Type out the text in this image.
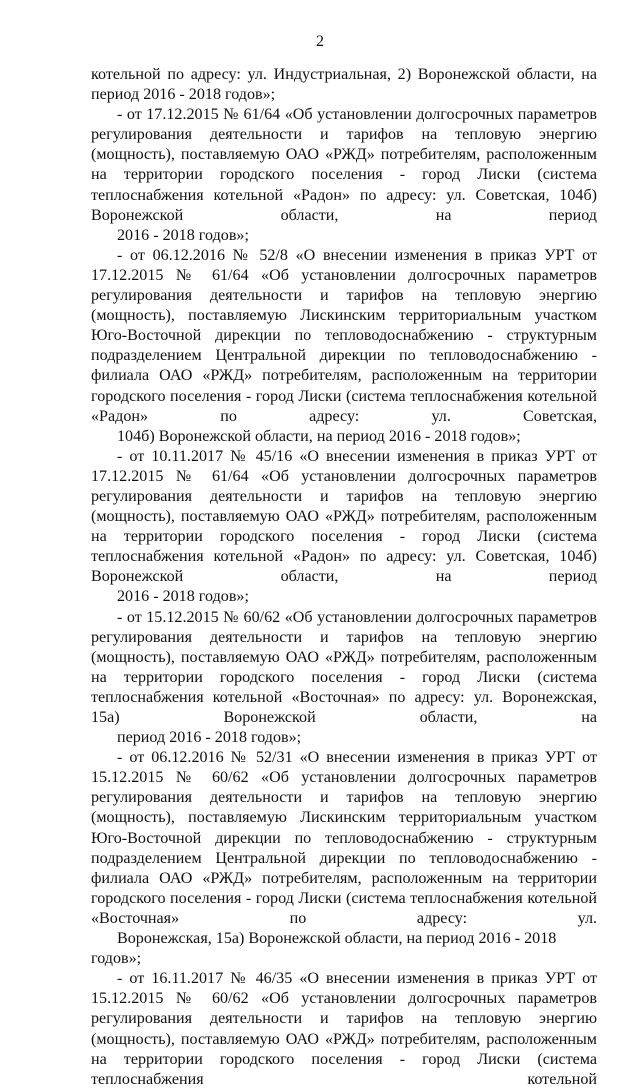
2

котельной по адресу: ул. Индустриальная, 2) Воронежской области, на
период 2016 - 2018 годов»;

- от 17.12.2015 № 61/64 «Об установлении долгосрочных параметров регулирования деятельности и тарифов на тепловую энергию (мощность), поставляемую ОАО «РЖД» потребителям, расположенным на территории городского поселения - город Лиски (система теплоснабжения котельной «Радон» по адресу: ул. Советская, 104б) Воронежской области, на период
2016 - 2018 годов»;

- от 06.12.2016 № 52/8 «О внесении изменения в приказ УРТ от 17.12.2015 № 61/64 «Об установлении долгосрочных параметров регулирования деятельности и тарифов на тепловую энергию (мощность), поставляемую Лискинским территориальным участком Юго-Восточной дирекции по тепловодоснабжению - структурным подразделением Центральной дирекции по тепловодоснабжению - филиала ОАО «РЖД» потребителям, расположенным на территории городского поселения - город Лиски (система теплоснабжения котельной «Радон» по адресу: ул. Советская,
104б) Воронежской области, на период 2016 - 2018 годов»;

- от 10.11.2017 № 45/16 «О внесении изменения в приказ УРТ от 17.12.2015 № 61/64 «Об установлении долгосрочных параметров регулирования деятельности и тарифов на тепловую энергию (мощность), поставляемую ОАО «РЖД» потребителям, расположенным на территории городского поселения - город Лиски (система теплоснабжения котельной «Радон» по адресу: ул. Советская, 104б) Воронежской области, на период
2016 - 2018 годов»;

- от 15.12.2015 № 60/62 «Об установлении долгосрочных параметров регулирования деятельности и тарифов на тепловую энергию (мощность), поставляемую ОАО «РЖД» потребителям, расположенным на территории городского поселения - город Лиски (система теплоснабжения котельной «Восточная» по адресу: ул. Воронежская, 15а) Воронежской области, на
период 2016 - 2018 годов»;

- от 06.12.2016 № 52/31 «О внесении изменения в приказ УРТ от 15.12.2015 № 60/62 «Об установлении долгосрочных параметров регулирования деятельности и тарифов на тепловую энергию (мощность), поставляемую Лискинским территориальным участком Юго-Восточной дирекции по тепловодоснабжению - структурным подразделением Центральной дирекции по тепловодоснабжению - филиала ОАО «РЖД» потребителям, расположенным на территории городского поселения - город Лиски (система теплоснабжения котельной «Восточная» по адресу: ул.
Воронежская, 15а) Воронежской области, на период 2016 - 2018 годов»;

- от 16.11.2017 № 46/35 «О внесении изменения в приказ УРТ от 15.12.2015 № 60/62 «Об установлении долгосрочных параметров регулирования деятельности и тарифов на тепловую энергию (мощность), поставляемую ОАО «РЖД» потребителям, расположенным на территории городского поселения - город Лиски (система теплоснабжения котельной
